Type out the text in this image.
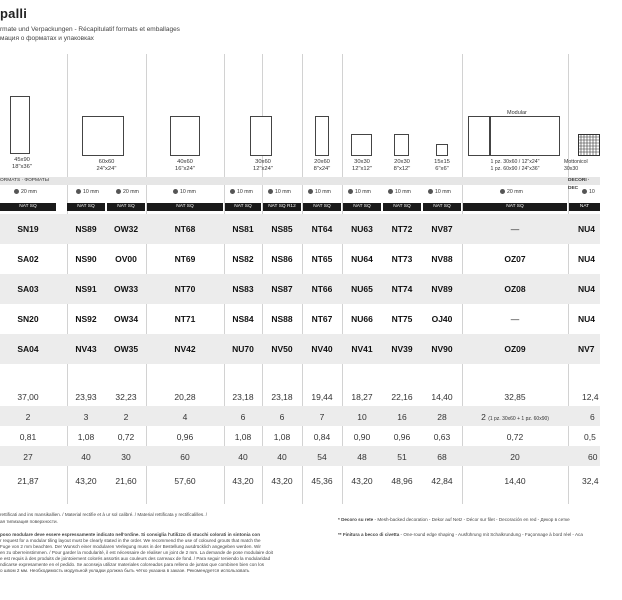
palli
rmate und Verpackungen - Récapitulatif formats et emballages
мация о форматах и упаковках
45x90
18"x36"
60x60
24"x24"
40x60
16"x24"
30x60
12"x24"
20x60
8"x24"
30x30
12"x12"
20x30
8"x12"
15x15
6"x6"
Modular
1 pz. 30x60 / 12"x24"
1 pz. 60x90 / 24"x36"
Mottonicol
30x30
ORMATS · ФОРМАТЫ	DECORI · DEC
20 mm	10 mm	20 mm	10 mm	10 mm	10 mm	10 mm	10 mm	10 mm	10 mm	20 mm	10
NAT SQ	NAT SQ	NAT SQ	NAT SQ	NAT SQ	NAT SQ R12	NAT SQ	NAT SQ	NAT SQ	NAT SQ	NAT SQ	NAT
SN19	NS89	OW32	NT68	NS81	NS85	NT64	NU63	NT72	NV87	—	NU4
SA02	NS90	OV00	NT69	NS82	NS86	NT65	NU64	NT73	NV88	OZ07	NU4
SA03	NS91	OW33	NT70	NS83	NS87	NT66	NU65	NT74	NV89	OZ08	NU4
SN20	NS92	OW34	NT71	NS84	NS88	NT67	NU66	NT75	OJ40	—	NU4
SA04	NV43	OW35	NV42	NU70	NV50	NV40	NV41	NV39	NV90	OZ09	NV7
37,00	23,93	32,23	20,28	23,18	23,18	19,44	18,27	22,16	14,40	32,85	12,4
2	3	2	4	6	6	7	10	16	28	2 (1 pz. 30x60 + 1 pz. 60x90)	6
0,81	1,08	0,72	0,96	1,08	1,08	0,84	0,90	0,96	0,63	0,72	0,5
27	40	30	60	40	40	54	48	51	68	20	60
21,87	43,20	21,60	57,60	43,20	43,20	45,36	43,20	48,96	42,84	14,40	32,4
rettificati and ins mansikallien. / Material rectifie et à ur sol calibré. / Material rettificata y rectificalilles. /
ая типизация поверхности.
poso modulare deve essere espressamente indicato nell'ordine. Si consiglia l'utilizzo di stucchi colorati in sintonia con
r request for a modular tiling layout must be clearly stated in the order. We recommend the use of coloured grouts that match the
Fuge von 2 mm beachten. Der Wunsch einer modularen Verlegung muss in der Bestellung ausdrücklich angegeben werden. Wir
en zu überreinstimmen. / Pour garder la modularité, il est nécessaire de réaliser un joint de 2 mm. La demande de pose modulaire doit
e est requis à des produits de jointoiement colorés assortis aux couleurs des carreaux de fond. / Para seguir teniendo la modularidad
ndicarse expresamente en el pedido. Se aconseja utilizar materiales coloreados para relleno de juntas que combinen bien con los
o швом 2 мм. Необходимость модульной укладки должна быть чётко указана в заказе. Рекомендуется использовать
* Decoro su rete - Mesh-backed decoration - Dekor auf Netz - Décor sur filet - Decoración en red - Декор в сетке
** Finitura a becco di civetta - One-round edge shaping - Ausführung mit Schalkrundung - Façonnage à bord réel - Aca
